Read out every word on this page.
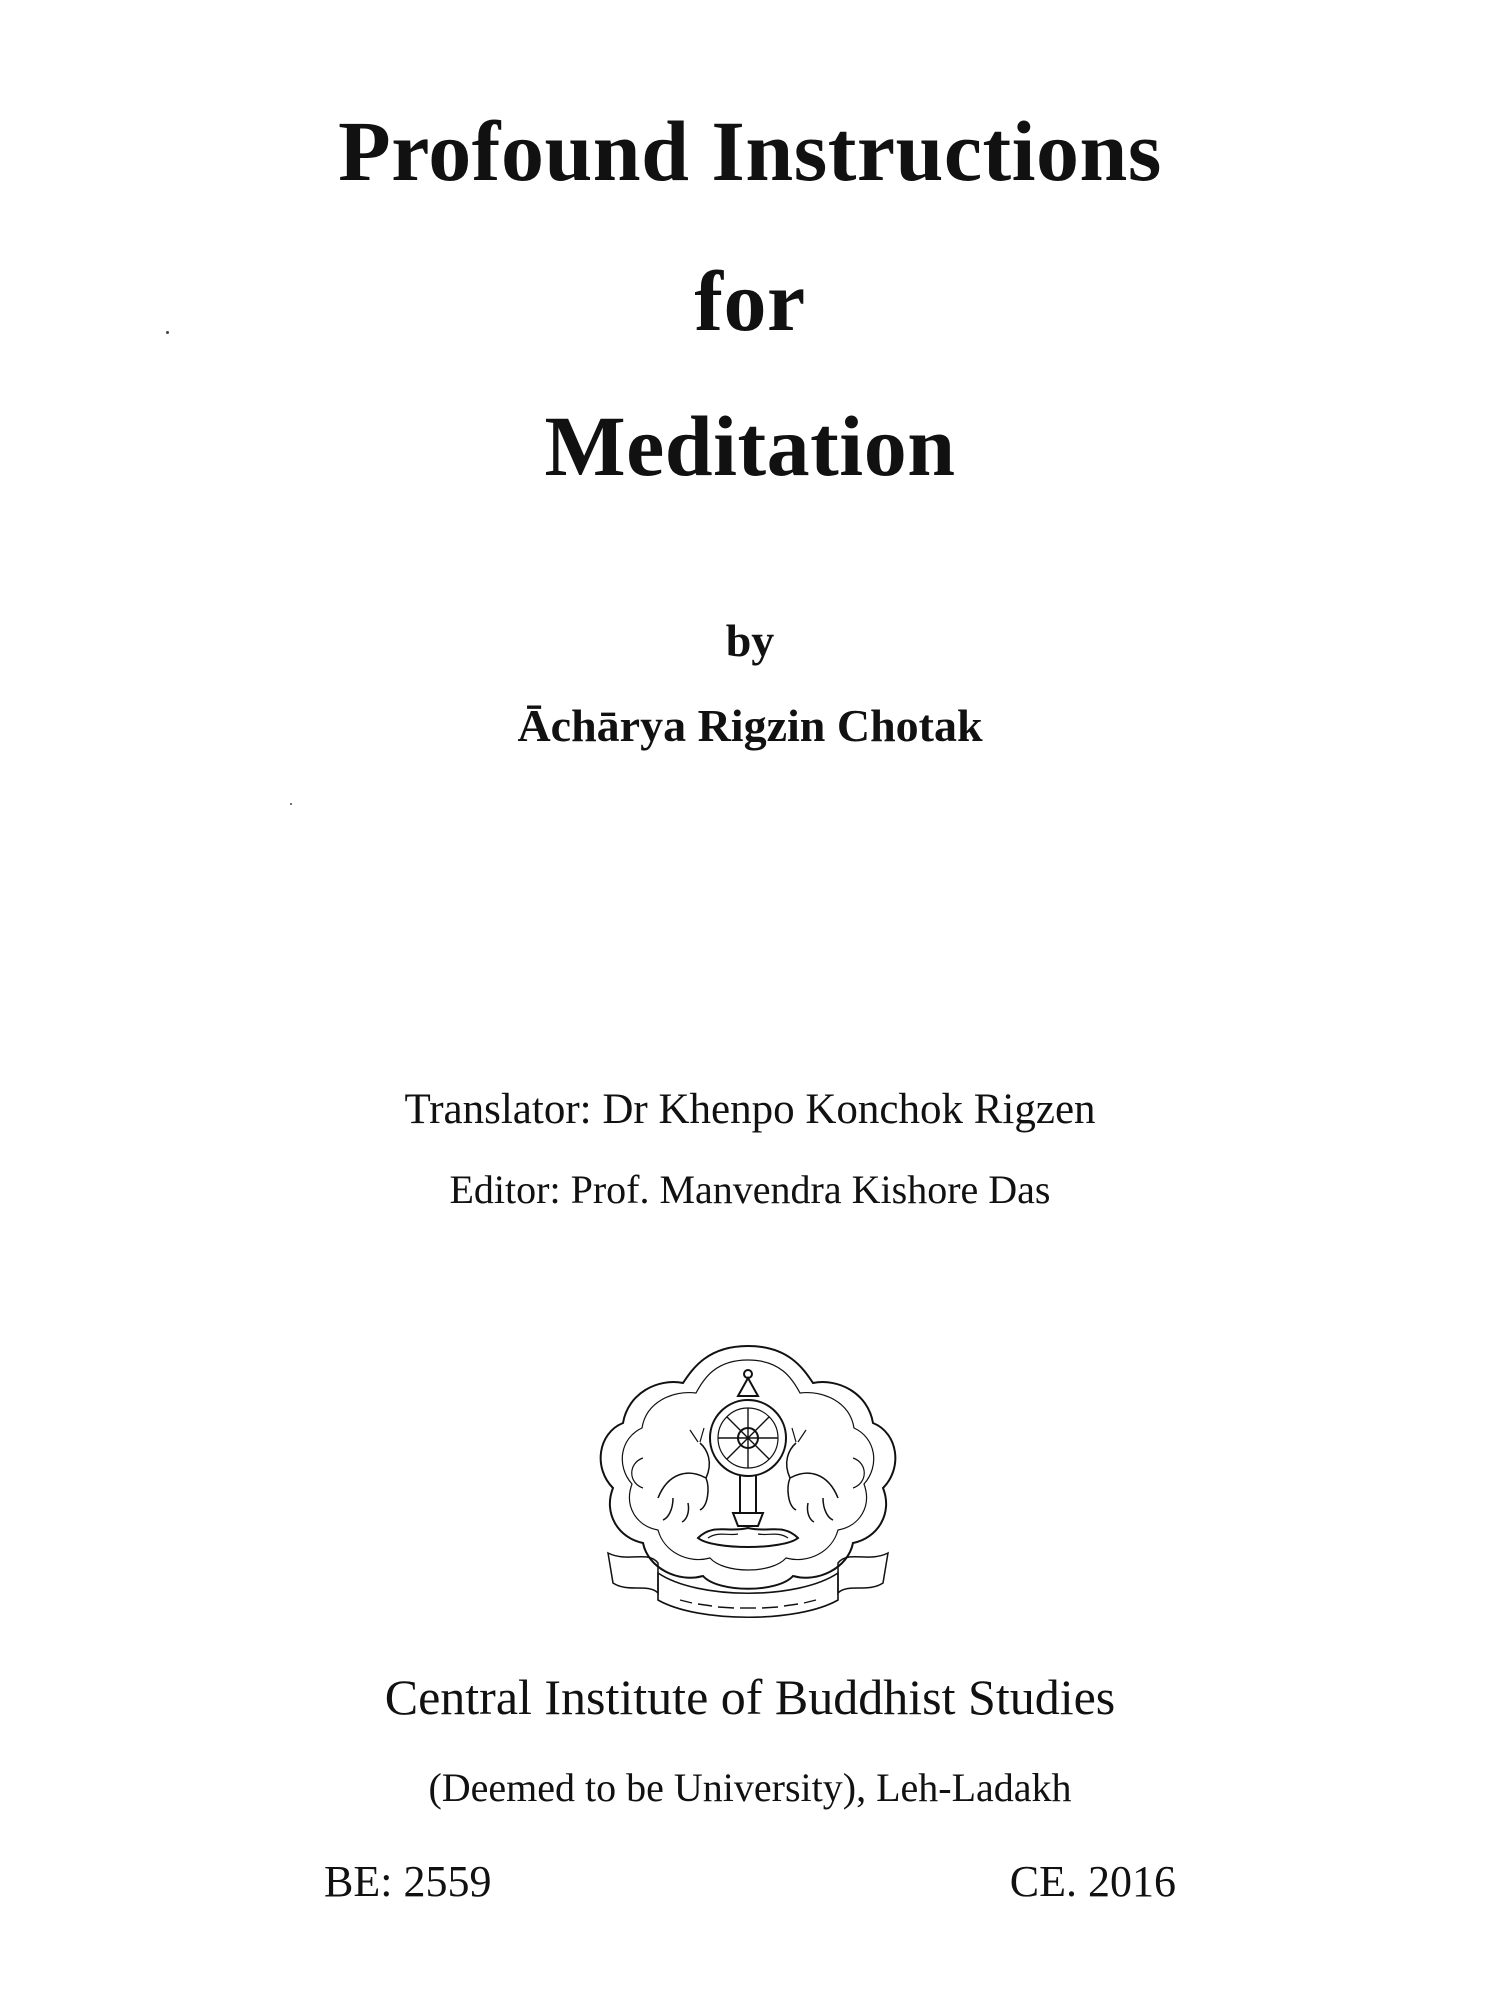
Profound Instructions
for
Meditation
by
Āchārya Rigzin Chotak
Translator: Dr Khenpo Konchok Rigzen
Editor: Prof. Manvendra Kishore Das
Central Institute of Buddhist Studies
(Deemed to be University), Leh-Ladakh
BE: 2559	CE. 2016
